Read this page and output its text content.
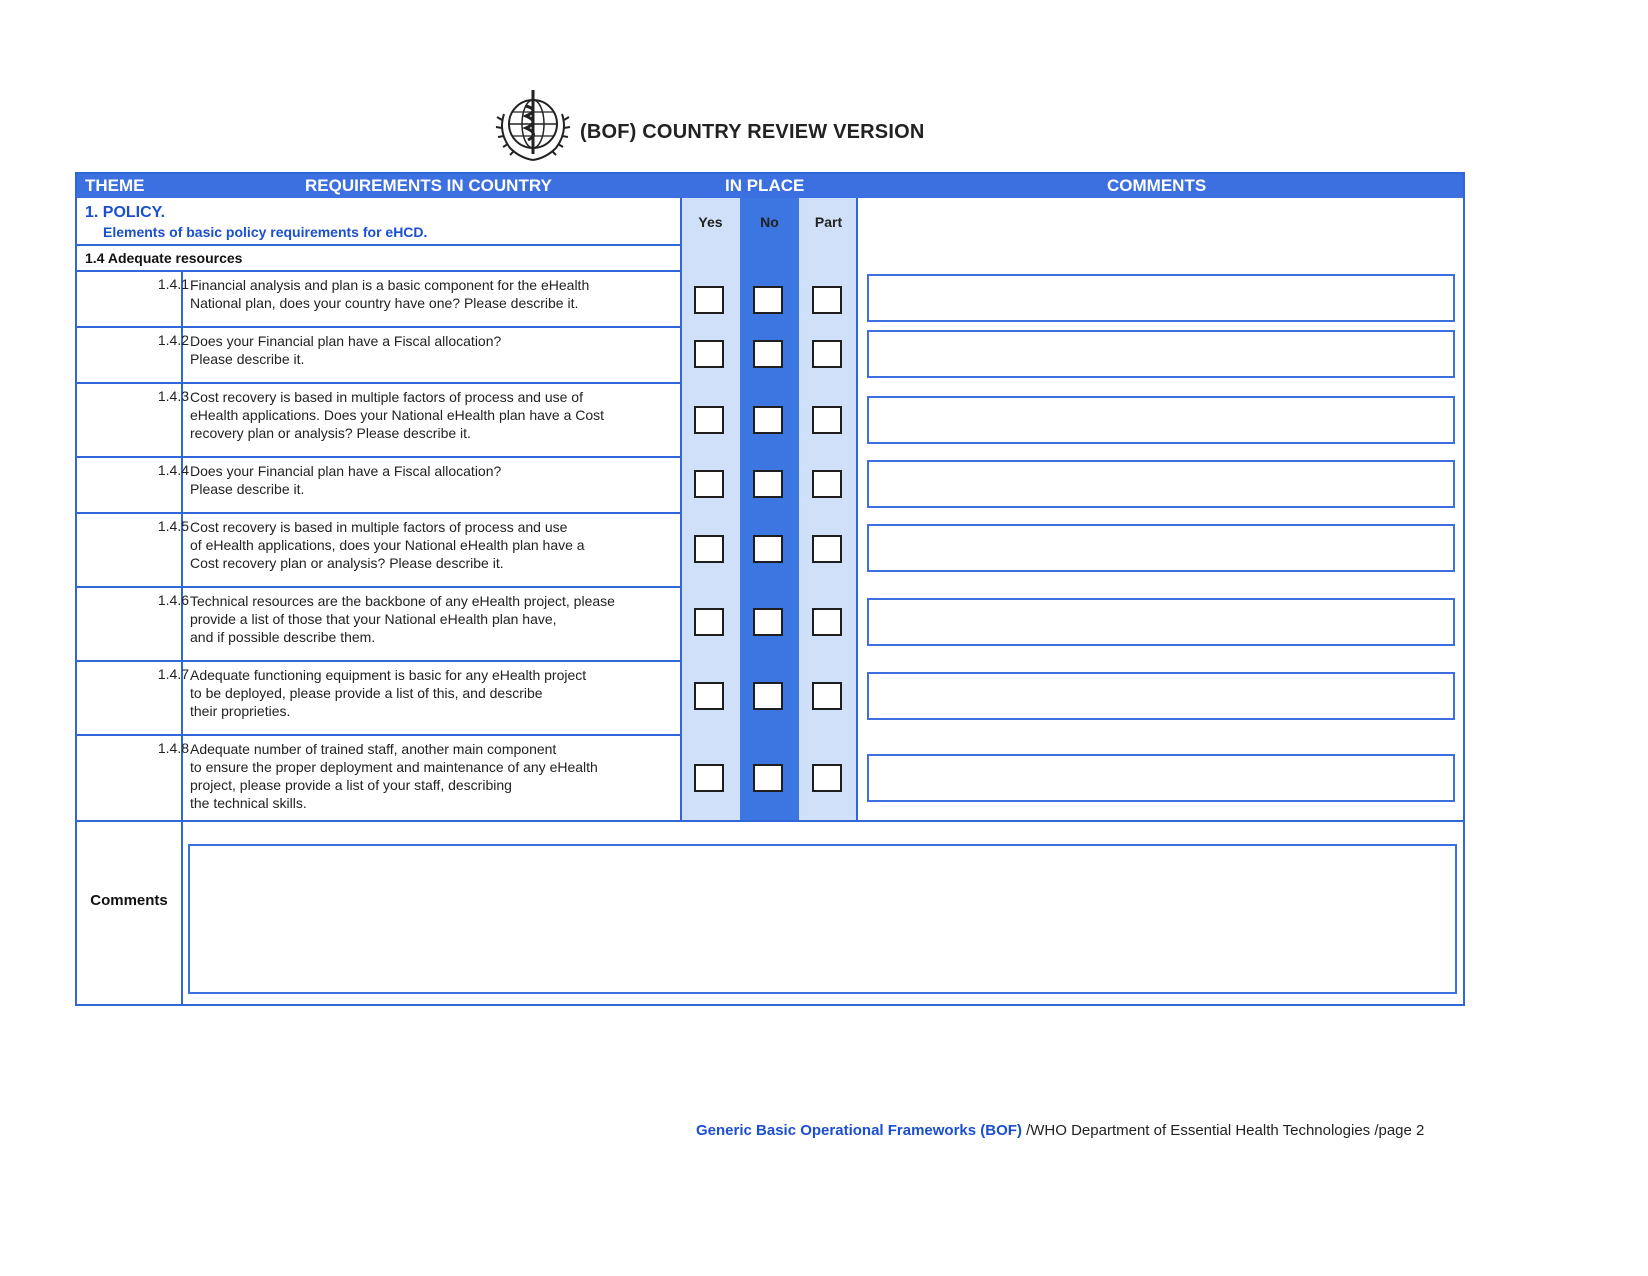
(BOF) COUNTRY REVIEW VERSION
THEME	REQUIREMENTS IN COUNTRY	IN PLACE	COMMENTS
Yes	No	Part
1. POLICY.
Elements of basic policy requirements for eHCD.
1.4 Adequate resources
1.4.1 Financial analysis and plan is a basic component for the eHealth
National plan, does your country have one? Please describe it.
1.4.2 Does your Financial plan have a Fiscal allocation?
Please describe it.
1.4.3 Cost recovery is based in multiple factors of process and use of
eHealth applications. Does your National eHealth plan have a Cost
recovery plan or analysis? Please describe it.
1.4.4 Does your Financial plan have a Fiscal allocation?
Please describe it.
1.4.5 Cost recovery is based in multiple factors of process and use
of eHealth applications, does your National eHealth plan have a
Cost recovery plan or analysis? Please describe it.
1.4.6 Technical resources are the backbone of any eHealth project, please
provide a list of those that your National eHealth plan have,
and if possible describe them.
1.4.7 Adequate functioning equipment is basic for any eHealth project
to be deployed, please provide a list of this, and describe
their proprieties.
1.4.8 Adequate number of trained staff, another main component
to ensure the proper deployment and maintenance of any eHealth
project, please provide a list of your staff, describing
the technical skills.
Comments
Generic Basic Operational Frameworks (BOF) /WHO Department of Essential Health Technologies /page 2
